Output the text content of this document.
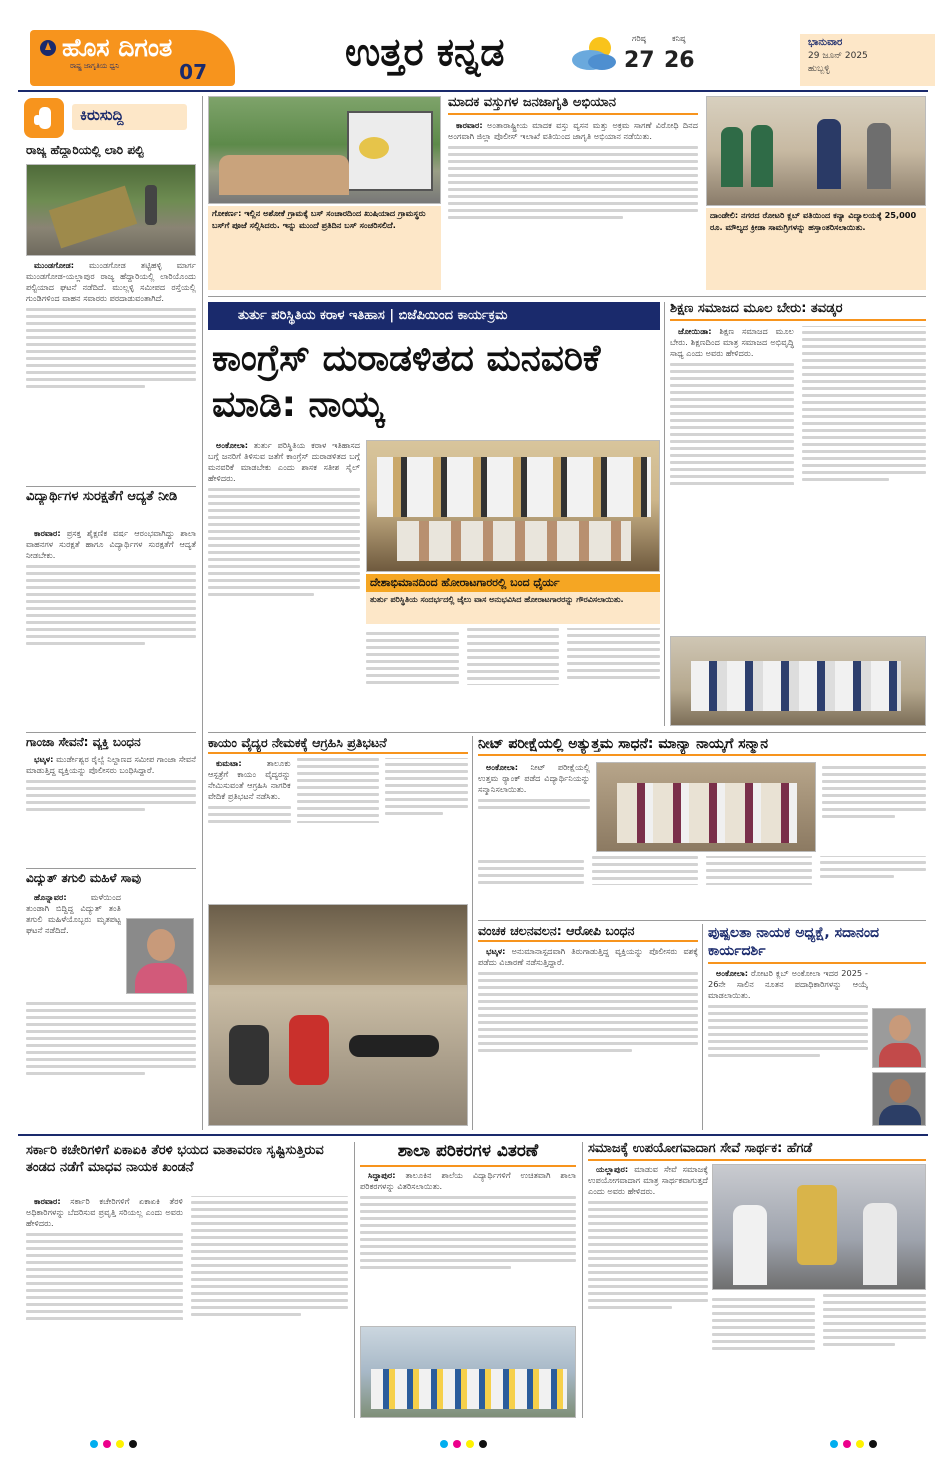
ಹೊಸ ದಿಗಂತ
ರಾಷ್ಟ್ರ ಜಾಗೃತಿಯ ಧ್ವನಿ	07	ಉತ್ತರ ಕನ್ನಡ	ಗರಿಷ್ಠ
27
ಕನಿಷ್ಠ
26
ಭಾನುವಾರ
29 ಜೂನ್ 2025
ಹುಬ್ಬಳ್ಳಿ
ಕಿರುಸುದ್ದಿ
ರಾಜ್ಯ ಹೆದ್ದಾರಿಯಲ್ಲಿ ಲಾರಿ ಪಲ್ಟಿ

ಮುಂಡಗೋಡ: ಮುಂಡಗೋಡ ತಟ್ಟಿಹಳ್ಳಿ ಮಾರ್ಗ ಮುಂಡಗೋಡ-ಯಲ್ಲಾಪುರ ರಾಜ್ಯ ಹೆದ್ದಾರಿಯಲ್ಲಿ ಲಾರಿಯೊಂದು ಪಲ್ಟಿಯಾದ ಘಟನೆ ನಡೆದಿದೆ. ಮುಲ್ಲಳ್ಳಿ ಸಮೀಪದ ರಸ್ತೆಯಲ್ಲಿ ಗುಂಡಿಗಳಿಂದ ವಾಹನ ಸವಾರರು ಪರದಾಡುವಂತಾಗಿದೆ.

ವಿದ್ಯಾರ್ಥಿಗಳ ಸುರಕ್ಷತೆಗೆ ಆದ್ಯತೆ ನೀಡಿ

ಕಾರವಾರ: ಪ್ರಸಕ್ತ ಶೈಕ್ಷಣಿಕ ವರ್ಷ ಆರಂಭವಾಗಿದ್ದು ಶಾಲಾ ವಾಹನಗಳ ಸುರಕ್ಷತೆ ಹಾಗೂ ವಿದ್ಯಾರ್ಥಿಗಳ ಸುರಕ್ಷತೆಗೆ ಆದ್ಯತೆ ನೀಡಬೇಕು.

ಗಾಂಜಾ ಸೇವನೆ: ವ್ಯಕ್ತಿ ಬಂಧನ

ಭಟ್ಕಳ: ಮುರ್ಡೇಶ್ವರ ರೈಲ್ವೆ ನಿಲ್ದಾಣದ ಸಮೀಪ ಗಾಂಜಾ ಸೇವನೆ ಮಾಡುತ್ತಿದ್ದ ವ್ಯಕ್ತಿಯನ್ನು ಪೊಲೀಸರು ಬಂಧಿಸಿದ್ದಾರೆ.

ವಿದ್ಯುತ್ ತಗುಲಿ ಮಹಿಳೆ ಸಾವು

ಹೊನ್ನಾವರ:	ಮಳೆಯಿಂದ ತುಂಡಾಗಿ ಬಿದ್ದಿದ್ದ ವಿದ್ಯುತ್ ತಂತಿ ತಗುಲಿ ಮಹಿಳೆಯೊಬ್ಬರು ಮೃತಪಟ್ಟ ಘಟನೆ ನಡೆದಿದೆ.

ಗೋಕರ್ಣ: ಇಲ್ಲಿನ ಅಶೋಕೆ ಗ್ರಾಮಕ್ಕೆ ಬಸ್ ಸಂಚಾರದಿಂದ ಖುಷಿಯಾದ ಗ್ರಾಮಸ್ಥರು ಬಸ್‌ಗೆ ಪೂಜೆ ಸಲ್ಲಿಸಿದರು. ಇನ್ನು ಮುಂದೆ ಪ್ರತಿದಿನ ಬಸ್ ಸಂಚರಿಸಲಿದೆ.
ಮಾದಕ ವಸ್ತುಗಳ ಜನಜಾಗೃತಿ ಅಭಿಯಾನ

ಕಾರವಾರ: ಅಂತಾರಾಷ್ಟ್ರೀಯ ಮಾದಕ ವಸ್ತು ವ್ಯಸನ ಮತ್ತು ಅಕ್ರಮ ಸಾಗಣೆ ವಿರೋಧಿ ದಿನದ ಅಂಗವಾಗಿ ಜಿಲ್ಲಾ ಪೊಲೀಸ್ ಇಲಾಖೆ ವತಿಯಿಂದ ಜಾಗೃತಿ ಅಭಿಯಾನ ನಡೆಯಿತು.

ದಾಂಡೇಲಿ: ನಗರದ ರೋಟರಿ ಕ್ಲಬ್ ವತಿಯಿಂದ ಕನ್ಯಾ ವಿದ್ಯಾಲಯಕ್ಕೆ 25,000 ರೂ. ಮೌಲ್ಯದ ಕ್ರೀಡಾ ಸಾಮಗ್ರಿಗಳನ್ನು ಹಸ್ತಾಂತರಿಸಲಾಯಿತು.
ತುರ್ತು ಪರಿಸ್ಥಿತಿಯ ಕರಾಳ ಇತಿಹಾಸ | ಬಿಜೆಪಿಯಿಂದ ಕಾರ್ಯಕ್ರಮ
ಕಾಂಗ್ರೆಸ್ ದುರಾಡಳಿತದ ಮನವರಿಕೆ ಮಾಡಿ: ನಾಯ್ಕ

ಅಂಕೋಲಾ: ತುರ್ತು ಪರಿಸ್ಥಿತಿಯ ಕರಾಳ ಇತಿಹಾಸದ ಬಗ್ಗೆ ಜನರಿಗೆ ತಿಳಿಸುವ ಜತೆಗೆ ಕಾಂಗ್ರೆಸ್ ದುರಾಡಳಿತದ ಬಗ್ಗೆ ಮನವರಿಕೆ ಮಾಡಬೇಕು ಎಂದು ಶಾಸಕ ಸತೀಶ ಸೈಲ್ ಹೇಳಿದರು.

ದೇಶಾಭಿಮಾನದಿಂದ ಹೋರಾಟಗಾರರಲ್ಲಿ ಬಂದ ಧೈರ್ಯ
ತುರ್ತು ಪರಿಸ್ಥಿತಿಯ ಸಂದರ್ಭದಲ್ಲಿ ಜೈಲು ವಾಸ ಅನುಭವಿಸಿದ ಹೋರಾಟಗಾರರನ್ನು ಗೌರವಿಸಲಾಯಿತು.
ಶಿಕ್ಷಣ ಸಮಾಜದ ಮೂಲ ಬೇರು: ತವಡ್ಕರ

ಜೋಯಿಡಾ: ಶಿಕ್ಷಣ ಸಮಾಜದ ಮೂಲ ಬೇರು. ಶಿಕ್ಷಣದಿಂದ ಮಾತ್ರ ಸಮಾಜದ ಅಭಿವೃದ್ಧಿ ಸಾಧ್ಯ ಎಂದು ಅವರು ಹೇಳಿದರು.

ಕಾಯಂ ವೈದ್ಯರ ನೇಮಕಕ್ಕೆ ಆಗ್ರಹಿಸಿ ಪ್ರತಿಭಟನೆ

ಕುಮಟಾ:	ತಾಲೂಕು ಆಸ್ಪತ್ರೆಗೆ ಕಾಯಂ ವೈದ್ಯರನ್ನು ನೇಮಿಸುವಂತೆ ಆಗ್ರಹಿಸಿ ನಾಗರಿಕ ವೇದಿಕೆ ಪ್ರತಿಭಟನೆ ನಡೆಸಿತು.

ನೀಟ್ ಪರೀಕ್ಷೆಯಲ್ಲಿ ಅತ್ಯುತ್ತಮ ಸಾಧನೆ: ಮಾನ್ಯಾ ನಾಯ್ಕಗೆ ಸನ್ಮಾನ

ಅಂಕೋಲಾ: ನೀಟ್ ಪರೀಕ್ಷೆಯಲ್ಲಿ ಉತ್ತಮ ರ್‍ಯಾಂಕ್ ಪಡೆದ ವಿದ್ಯಾರ್ಥಿನಿಯನ್ನು ಸನ್ಮಾನಿಸಲಾಯಿತು.

ವಂಚಕ ಚಲನವಲನ: ಆರೋಪಿ ಬಂಧನ

ಭಟ್ಕಳ: ಅನುಮಾನಾಸ್ಪದವಾಗಿ ತಿರುಗಾಡುತ್ತಿದ್ದ ವ್ಯಕ್ತಿಯನ್ನು ಪೊಲೀಸರು ವಶಕ್ಕೆ ಪಡೆದು ವಿಚಾರಣೆ ನಡೆಸುತ್ತಿದ್ದಾರೆ.

ಪುಷ್ಪಲತಾ ನಾಯಕ ಅಧ್ಯಕ್ಷೆ, ಸದಾನಂದ ಕಾರ್ಯದರ್ಶಿ

ಅಂಕೋಲಾ: ರೋಟರಿ ಕ್ಲಬ್ ಅಂಕೋಲಾ ಇದರ 2025 - 26ನೇ ಸಾಲಿನ ನೂತನ ಪದಾಧಿಕಾರಿಗಳನ್ನು ಆಯ್ಕೆ ಮಾಡಲಾಯಿತು.

ಸರ್ಕಾರಿ ಕಚೇರಿಗಳಿಗೆ ಏಕಾಏಕಿ ತೆರಳಿ ಭಯದ ವಾತಾವರಣ ಸೃಷ್ಟಿಸುತ್ತಿರುವ ತಂಡದ ನಡೆಗೆ ಮಾಧವ ನಾಯಕ ಖಂಡನೆ

ಕಾರವಾರ: ಸರ್ಕಾರಿ ಕಚೇರಿಗಳಿಗೆ ಏಕಾಏಕಿ ತೆರಳಿ ಅಧಿಕಾರಿಗಳನ್ನು ಬೆದರಿಸುವ ಪ್ರವೃತ್ತಿ ಸರಿಯಲ್ಲ ಎಂದು ಅವರು ಹೇಳಿದರು.

ಶಾಲಾ ಪರಿಕರಗಳ ವಿತರಣೆ

ಸಿದ್ದಾಪುರ: ತಾಲೂಕಿನ ಶಾಲೆಯ ವಿದ್ಯಾರ್ಥಿಗಳಿಗೆ ಉಚಿತವಾಗಿ ಶಾಲಾ ಪರಿಕರಗಳನ್ನು ವಿತರಿಸಲಾಯಿತು.

ಸಮಾಜಕ್ಕೆ ಉಪಯೋಗವಾದಾಗ ಸೇವೆ ಸಾರ್ಥಕ: ಹೆಗಡೆ

ಯಲ್ಲಾಪುರ: ಮಾಡುವ ಸೇವೆ ಸಮಾಜಕ್ಕೆ ಉಪಯೋಗವಾದಾಗ ಮಾತ್ರ ಸಾರ್ಥಕವಾಗುತ್ತದೆ ಎಂದು ಅವರು ಹೇಳಿದರು.
